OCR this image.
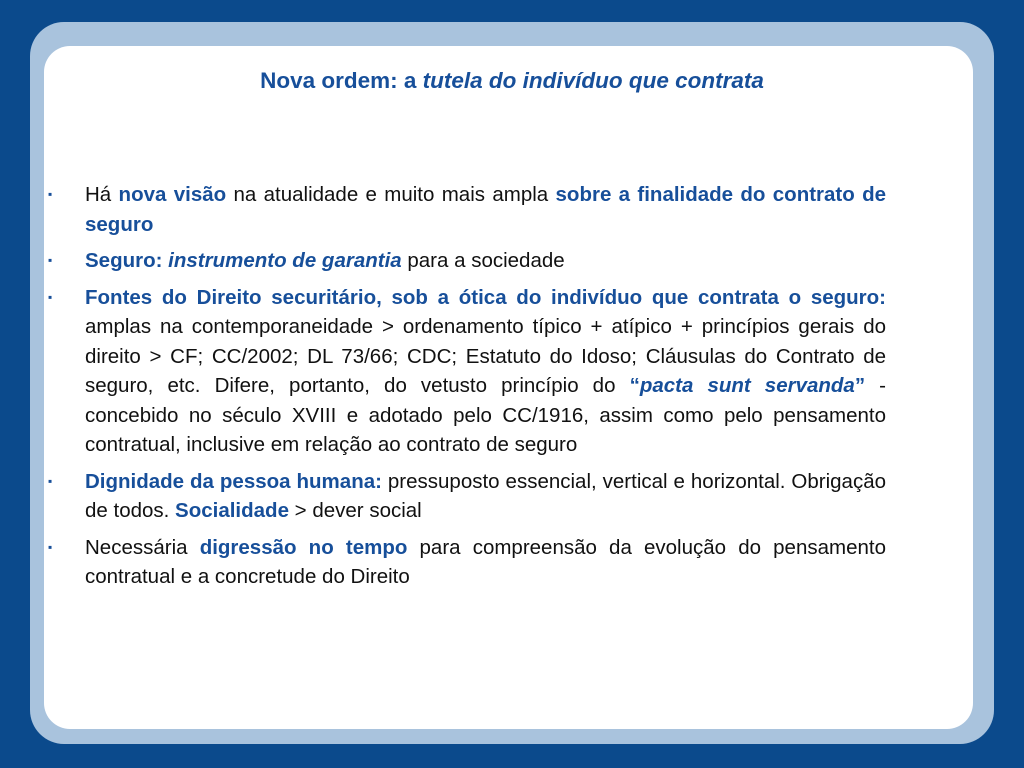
Nova ordem: a tutela do indivíduo que contrata
▪ Há nova visão na atualidade e muito mais ampla sobre a finalidade do contrato de seguro
▪ Seguro: instrumento de garantia para a sociedade
▪ Fontes do Direito securitário, sob a ótica do indivíduo que contrata o seguro: amplas na contemporaneidade > ordenamento típico + atípico + princípios gerais do direito > CF; CC/2002; DL 73/66; CDC; Estatuto do Idoso; Cláusulas do Contrato de seguro, etc. Difere, portanto, do vetusto princípio do “pacta sunt servanda” - concebido no século XVIII e adotado pelo CC/1916, assim como pelo pensamento contratual, inclusive em relação ao contrato de seguro
▪ Dignidade da pessoa humana: pressuposto essencial, vertical e horizontal. Obrigação de todos. Socialidade > dever social
▪ Necessária digressão no tempo para compreensão da evolução do pensamento contratual e a concretude do Direito
